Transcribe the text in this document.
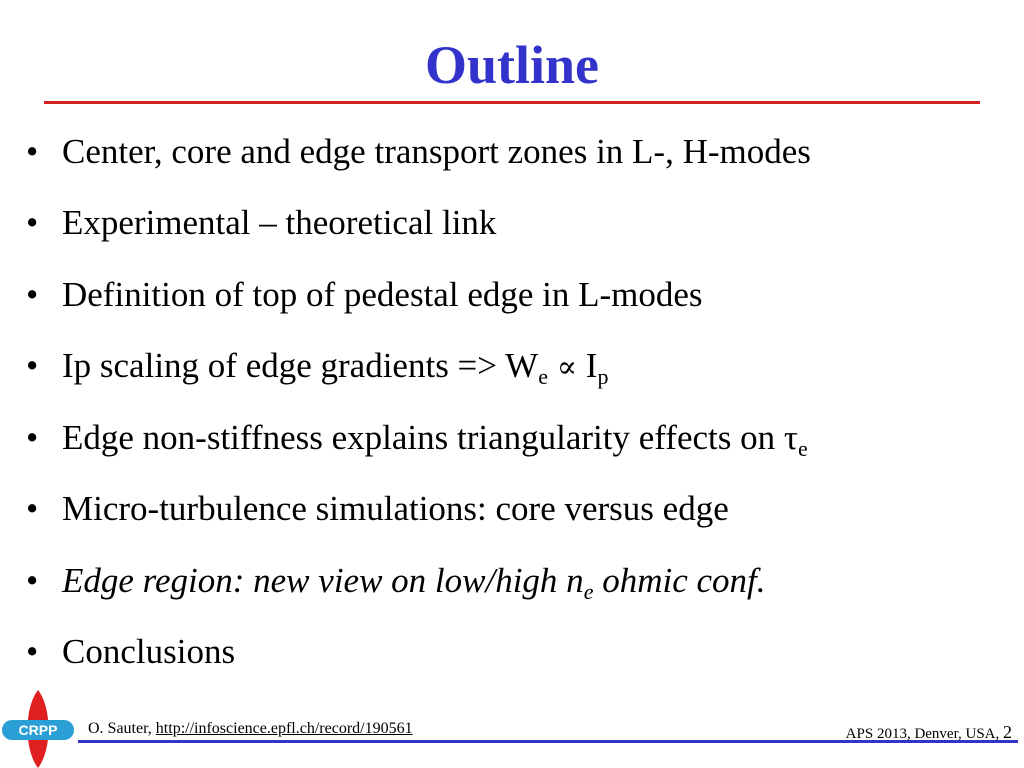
Outline
• Center, core and edge transport zones in L-, H-modes
• Experimental – theoretical link
• Definition of top of pedestal edge in L-modes
• Ip scaling of edge gradients => $W_e \propto I_p$
• Edge non-stiffness explains triangularity effects on $\tau_e$
• Micro-turbulence simulations: core versus edge
• Edge region: new view on low/high $n_e$ ohmic conf.
• Conclusions
CRPP O. Sauter, http://infoscience.epfl.ch/record/190561	APS 2013, Denver, USA, 2
